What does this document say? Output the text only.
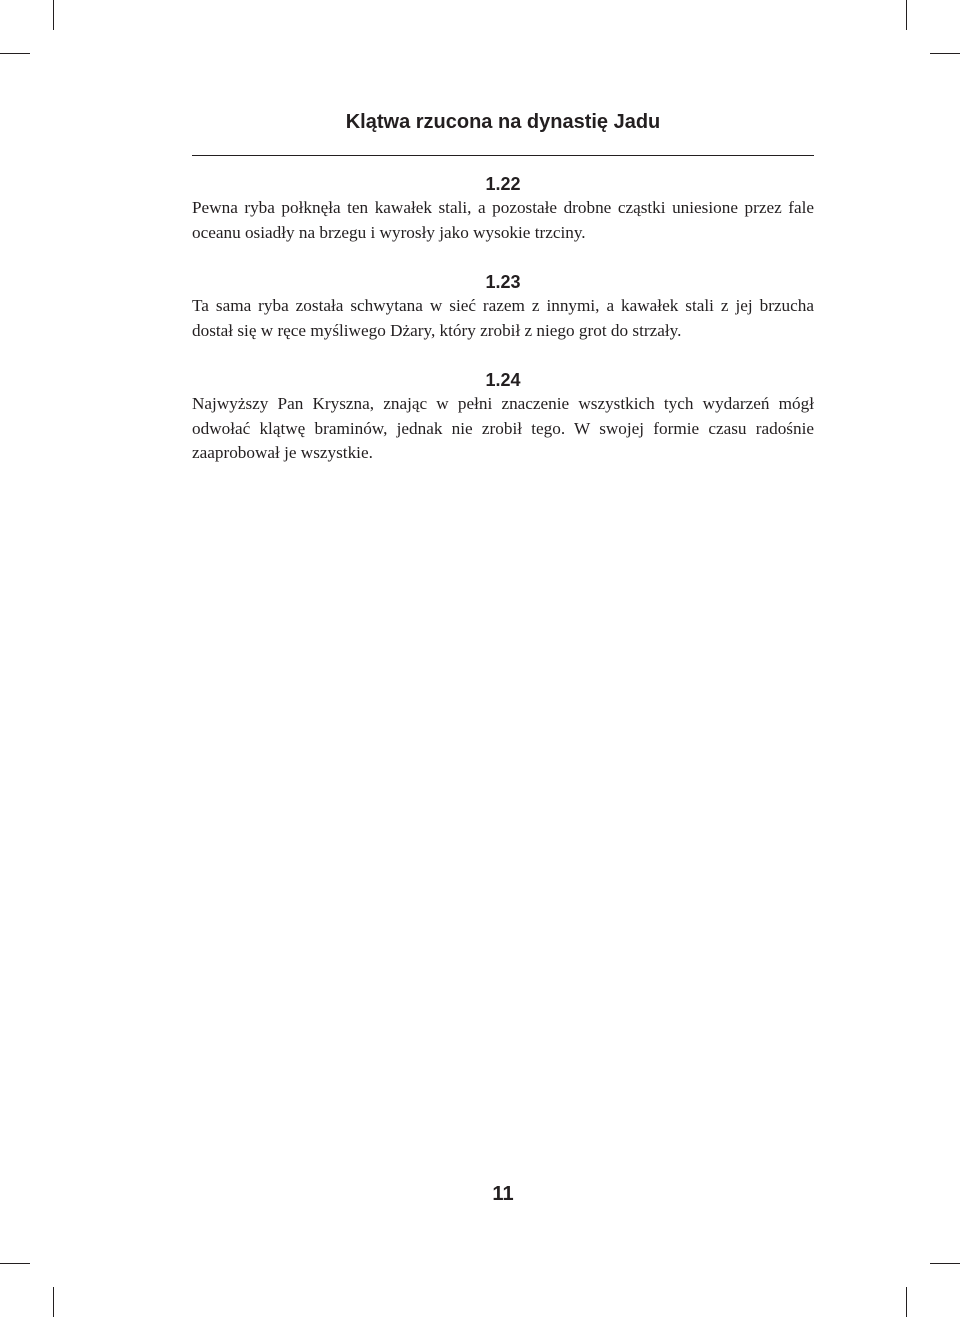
Klątwa rzucona na dynastię Jadu

1.22

Pewna ryba połknęła ten kawałek stali, a pozostałe drobne cząstki uniesione przez fale oceanu osiadły na brzegu i wyrosły jako wysokie trzciny.

1.23

Ta sama ryba została schwytana w sieć razem z innymi, a kawałek stali z jej brzucha dostał się w ręce myśliwego Dżary, który zrobił z niego grot do strzały.

1.24

Najwyższy Pan Kryszna, znając w pełni znaczenie wszystkich tych wydarzeń mógł odwołać klątwę braminów, jednak nie zrobił tego. W swojej formie czasu radośnie zaaprobował je wszystkie.

11
